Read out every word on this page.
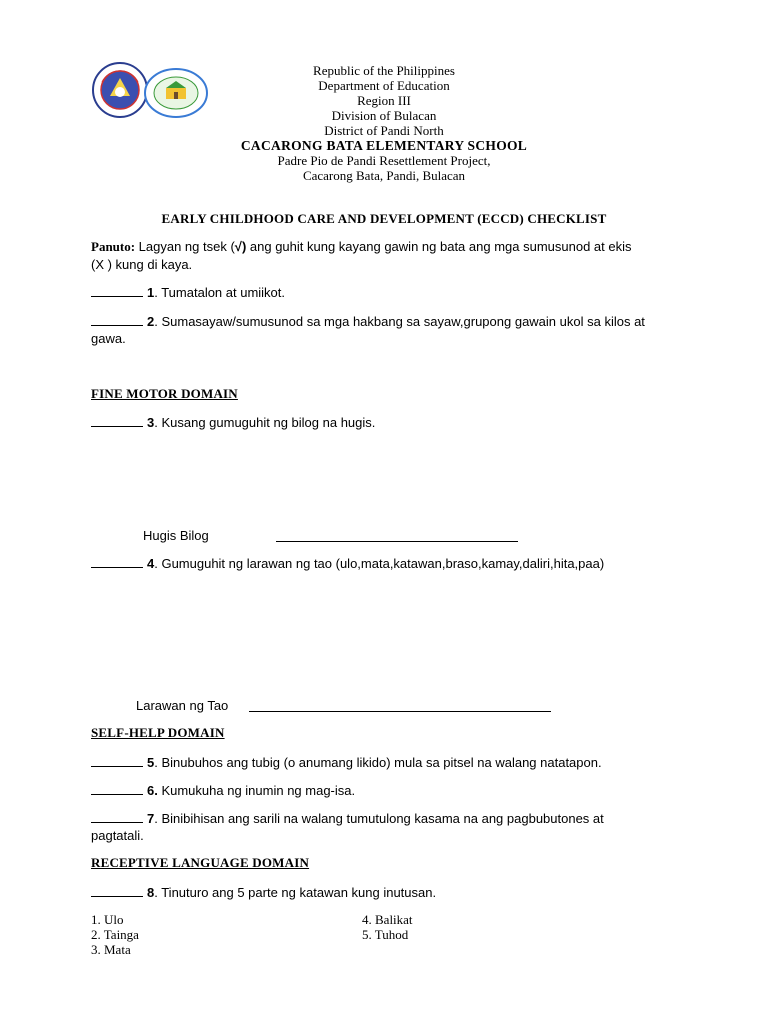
Republic of the Philippines
Department of Education
Region III
Division of Bulacan
District of Pandi North
CACARONG BATA ELEMENTARY SCHOOL
Padre Pio de Pandi Resettlement Project,
Cacarong Bata, Pandi, Bulacan
EARLY CHILDHOOD CARE AND DEVELOPMENT (ECCD) CHECKLIST
Panuto: Lagyan ng tsek (√) ang guhit kung kayang gawin ng bata ang mga sumusunod at ekis
(X ) kung di kaya.
1. Tumatalon at umiikot.
2. Sumasayaw/sumusunod sa mga hakbang sa sayaw,grupong gawain ukol sa kilos at
gawa.
FINE MOTOR DOMAIN
3. Kusang gumuguhit ng bilog na hugis.
Hugis Bilog
4. Gumuguhit ng larawan ng tao (ulo,mata,katawan,braso,kamay,daliri,hita,paa)
Larawan ng Tao
SELF-HELP DOMAIN
5. Binubuhos ang tubig (o anumang likido) mula sa pitsel na walang natatapon.
6. Kumukuha ng inumin ng mag-isa.
7. Binibihisan ang sarili na walang tumutulong kasama na ang pagbubutones at
pagtatali.
RECEPTIVE LANGUAGE DOMAIN
8. Tinuturo ang 5 parte ng katawan kung inutusan.
1. Ulo
2. Tainga
3. Mata
4. Balikat
5. Tuhod
